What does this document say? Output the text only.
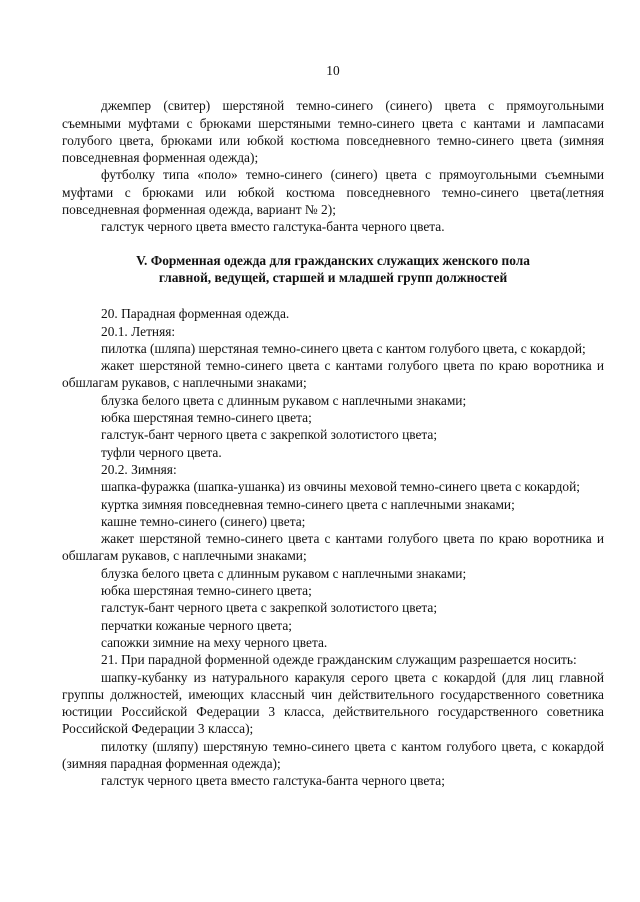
10

джемпер (свитер) шерстяной темно-синего (синего) цвета с прямоугольными съемными муфтами с брюками шерстяными темно-синего цвета с кантами и лампасами голубого цвета, брюками или юбкой костюма повседневного темно-синего цвета (зимняя повседневная форменная одежда);

футболку типа «поло» темно-синего (синего) цвета с прямоугольными съемными муфтами с брюками или юбкой костюма повседневного темно-синего цвета(летняя повседневная форменная одежда, вариант № 2);

галстук черного цвета вместо галстука-банта черного цвета.

V. Форменная одежда для гражданских служащих женского пола
главной, ведущей, старшей и младшей групп должностей

20. Парадная форменная одежда.

20.1. Летняя:

пилотка (шляпа) шерстяная темно-синего цвета с кантом голубого цвета, с кокардой;

жакет шерстяной темно-синего цвета с кантами голубого цвета по краю воротника и обшлагам рукавов, с наплечными знаками;

блузка белого цвета с длинным рукавом с наплечными знаками;

юбка шерстяная темно-синего цвета;

галстук-бант черного цвета с закрепкой золотистого цвета;

туфли черного цвета.

20.2. Зимняя:

шапка-фуражка (шапка-ушанка) из овчины меховой темно-синего цвета с кокардой;

куртка зимняя повседневная темно-синего цвета с наплечными знаками;

кашне темно-синего (синего) цвета;

жакет шерстяной темно-синего цвета с кантами голубого цвета по краю воротника и обшлагам рукавов, с наплечными знаками;

блузка белого цвета с длинным рукавом с наплечными знаками;

юбка шерстяная темно-синего цвета;

галстук-бант черного цвета с закрепкой золотистого цвета;

перчатки кожаные черного цвета;

сапожки зимние на меху черного цвета.

21. При парадной форменной одежде гражданским служащим разрешается носить:

шапку-кубанку из натурального каракуля серого цвета с кокардой (для лиц главной группы должностей, имеющих классный чин действительного государственного советника юстиции Российской Федерации 3 класса, действительного государственного советника Российской Федерации 3 класса);

пилотку (шляпу) шерстяную темно-синего цвета с кантом голубого цвета, с кокардой (зимняя парадная форменная одежда);

галстук черного цвета вместо галстука-банта черного цвета;
